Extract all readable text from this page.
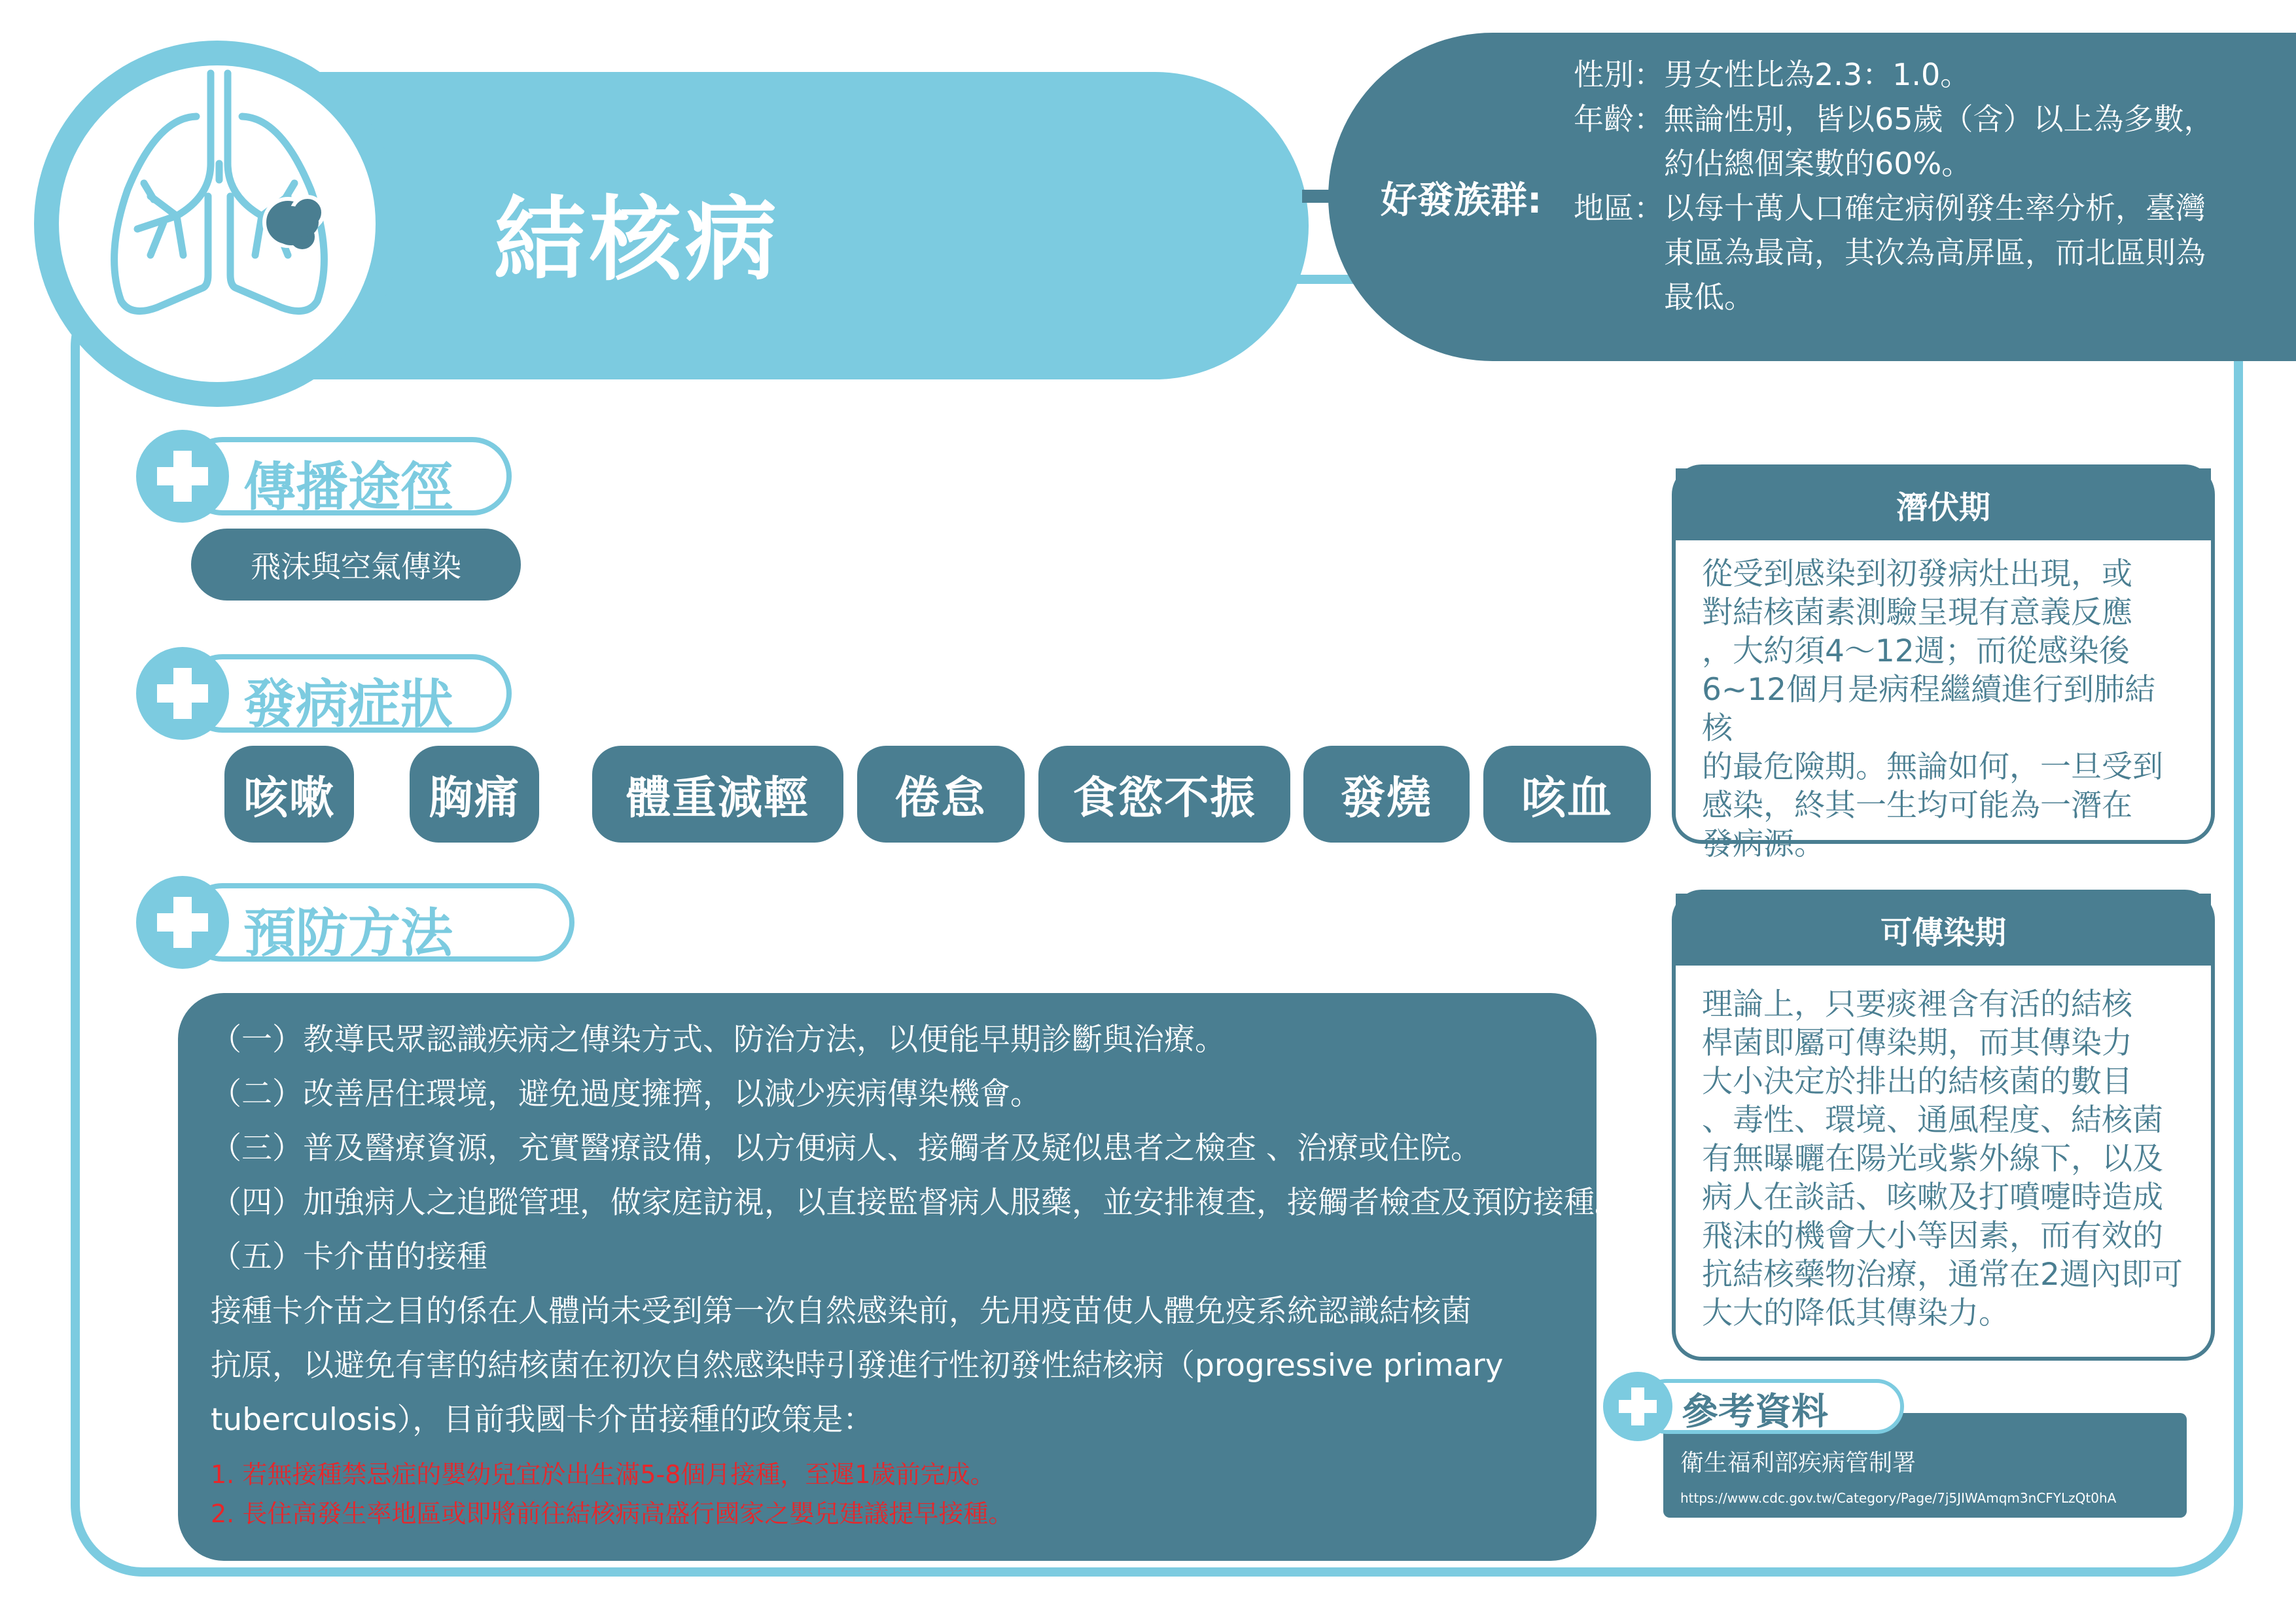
結核病	好發族群:
性別： 男女性比為2.3：1.0。
年齡： 無論性別，皆以65歲（含）以上為多數，
約佔總個案數的60%。
地區： 以每十萬人口確定病例發生率分析，臺灣
東區為最高，其次為高屏區，而北區則為
最低。
傳播途徑
飛沫與空氣傳染
發病症狀
咳嗽	胸痛	體重減輕	倦怠	食慾不振	發燒	咳血
預防方法
（一）教導民眾認識疾病之傳染方式、防治方法，以便能早期診斷與治療。
（二）改善居住環境，避免過度擁擠，以減少疾病傳染機會。
（三）普及醫療資源，充實醫療設備，以方便病人、接觸者及疑似患者之檢查 、治療或住院。
（四）加強病人之追蹤管理，做家庭訪視，以直接監督病人服藥，並安排複查，接觸者檢查及預防接種。
（五）卡介苗的接種
接種卡介苗之目的係在人體尚未受到第一次自然感染前，先用疫苗使人體免疫系統認識結核菌
抗原，以避免有害的結核菌在初次自然感染時引發進行性初發性結核病（progressive primary
tuberculosis），目前我國卡介苗接種的政策是：
1. 若無接種禁忌症的嬰幼兒宜於出生滿5-8個月接種，至遲1歲前完成。
2. 長住高發生率地區或即將前往結核病高盛行國家之嬰兒建議提早接種。
潛伏期
從受到感染到初發病灶出現，或
對結核菌素測驗呈現有意義反應
，大約須4～12週；而從感染後
6~12個月是病程繼續進行到肺結核
的最危險期。無論如何，一旦受到
感染，終其一生均可能為一潛在
發病源。
可傳染期
理論上，只要痰裡含有活的結核
桿菌即屬可傳染期，而其傳染力
大小決定於排出的結核菌的數目
、毒性、環境、通風程度、結核菌
有無曝曬在陽光或紫外線下，以及
病人在談話、咳嗽及打噴嚏時造成
飛沫的機會大小等因素，而有效的
抗結核藥物治療，通常在2週內即可
大大的降低其傳染力。
參考資料
衛生福利部疾病管制署
https://www.cdc.gov.tw/Category/Page/7j5JIWAmqm3nCFYLzQt0hA
